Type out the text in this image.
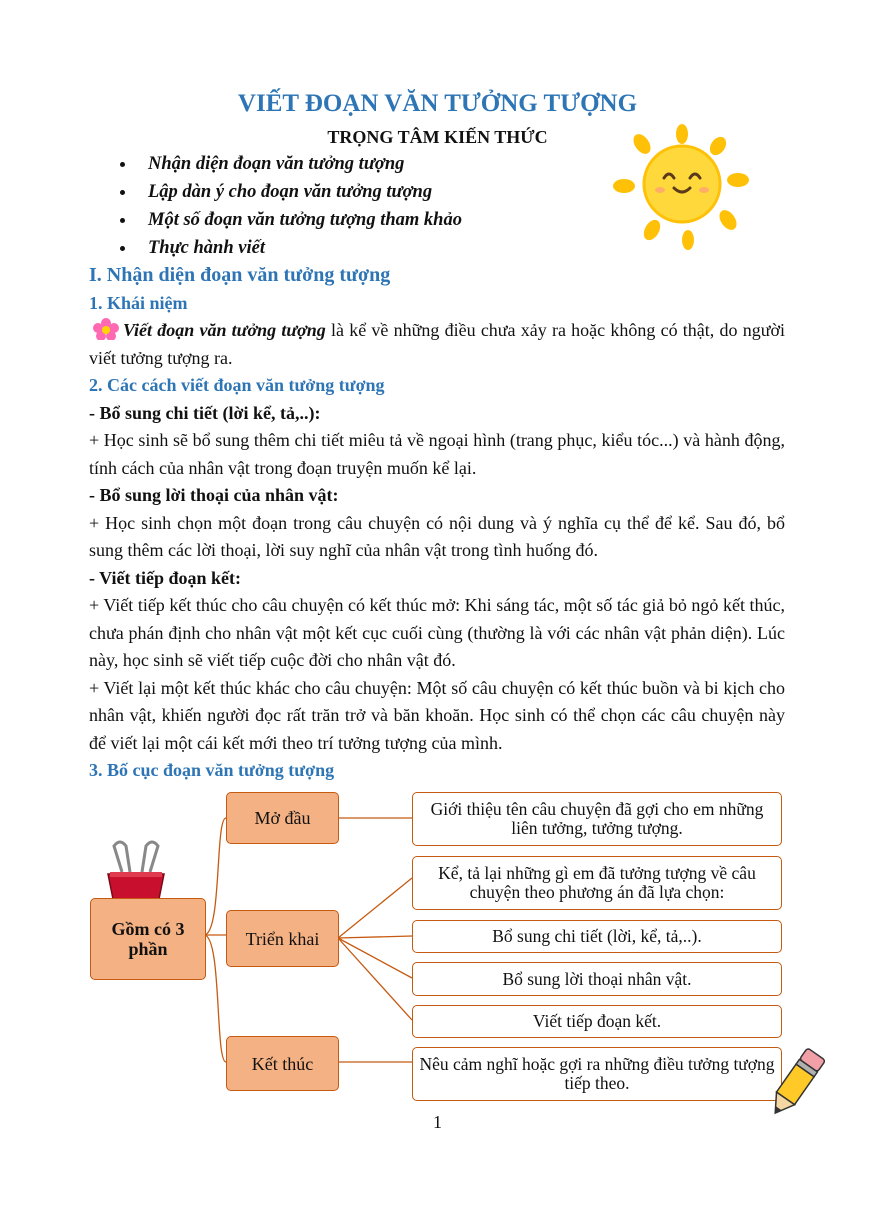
VIẾT ĐOẠN VĂN TƯỞNG TƯỢNG
TRỌNG TÂM KIẾN THỨC
Nhận diện đoạn văn tưởng tượng
Lập dàn ý cho đoạn văn tưởng tượng
Một số đoạn văn tưởng tượng tham khảo
Thực hành viết

I. Nhận diện đoạn văn tưởng tượng

1. Khái niệm

Viết đoạn văn tưởng tượng là kể về những điều chưa xảy ra hoặc không có thật, do người viết tưởng tượng ra.

2. Các cách viết đoạn văn tưởng tượng

- Bổ sung chi tiết (lời kể, tả,..):

+ Học sinh sẽ bổ sung thêm chi tiết miêu tả về ngoại hình (trang phục, kiểu tóc...) và hành động, tính cách của nhân vật trong đoạn truyện muốn kể lại.

- Bổ sung lời thoại của nhân vật:

+ Học sinh chọn một đoạn trong câu chuyện có nội dung và ý nghĩa cụ thể để kể. Sau đó, bổ sung thêm các lời thoại, lời suy nghĩ của nhân vật trong tình huống đó.

- Viết tiếp đoạn kết:

+ Viết tiếp kết thúc cho câu chuyện có kết thúc mở: Khi sáng tác, một số tác giả bỏ ngỏ kết thúc, chưa phán định cho nhân vật một kết cục cuối cùng (thường là với các nhân vật phản diện). Lúc này, học sinh sẽ viết tiếp cuộc đời cho nhân vật đó.

+ Viết lại một kết thúc khác cho câu chuyện: Một số câu chuyện có kết thúc buồn và bi kịch cho nhân vật, khiến người đọc rất trăn trở và băn khoăn. Học sinh có thể chọn các câu chuyện này để viết lại một cái kết mới theo trí tưởng tượng của mình.

3. Bố cục đoạn văn tưởng tượng

Gồm có 3 phần
Mở đầu
Triển khai
Kết thúc
Giới thiệu tên câu chuyện đã gợi cho em những liên tưởng, tưởng tượng.
Kể, tả lại những gì em đã tưởng tượng về câu chuyện theo phương án đã lựa chọn:
Bổ sung chi tiết (lời, kể, tả,..).
Bổ sung lời thoại nhân vật.
Viết tiếp đoạn kết.
Nêu cảm nghĩ hoặc gợi ra những điều tưởng tượng tiếp theo.
1
